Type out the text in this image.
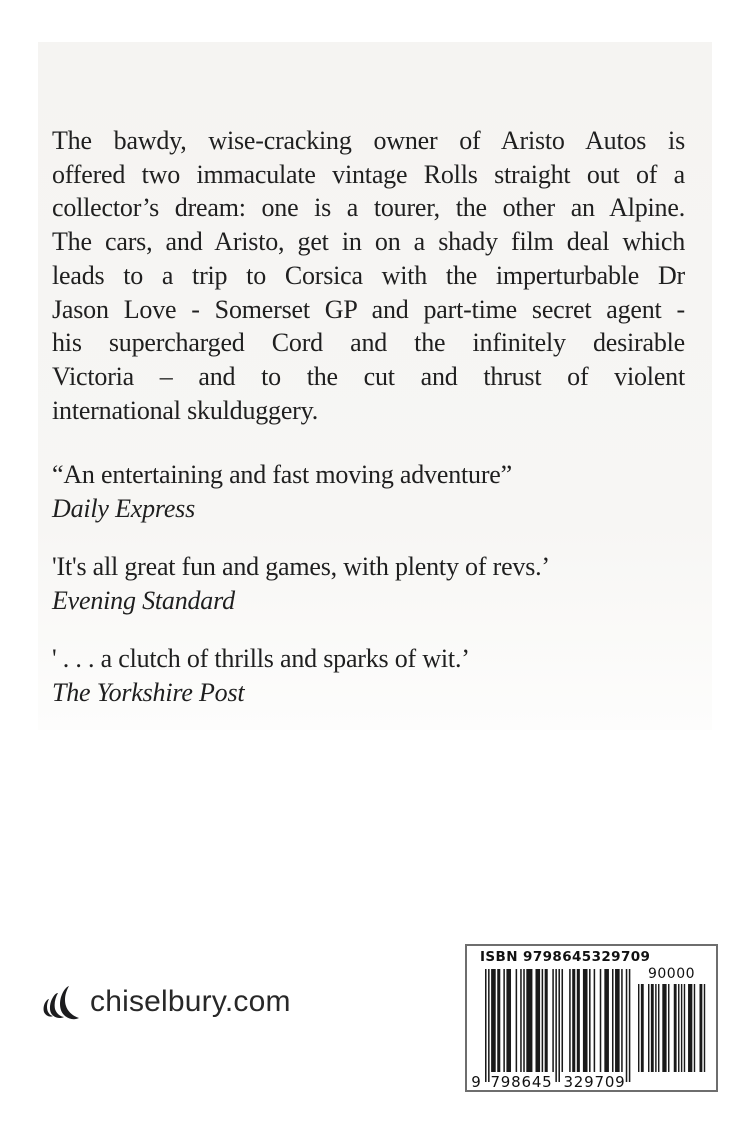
The bawdy, wise-cracking owner of Aristo Autos is
offered two immaculate vintage Rolls straight out of a
collector’s dream: one is a tourer, the other an Alpine.
The cars, and Aristo, get in on a shady film deal which
leads to a trip to Corsica with the imperturbable Dr
Jason Love - Somerset GP and part-time secret agent -
his supercharged Cord and the infinitely desirable
Victoria – and to the cut and thrust of violent
international skulduggery.
“An entertaining and fast moving adventure”
Daily Express
'It's all great fun and games, with plenty of revs.’
Evening Standard
' . . . a clutch of thrills and sparks of wit.’
The Yorkshire Post
chiselbury.com
ISBN 9798645329709
9 798645 329709
90000
